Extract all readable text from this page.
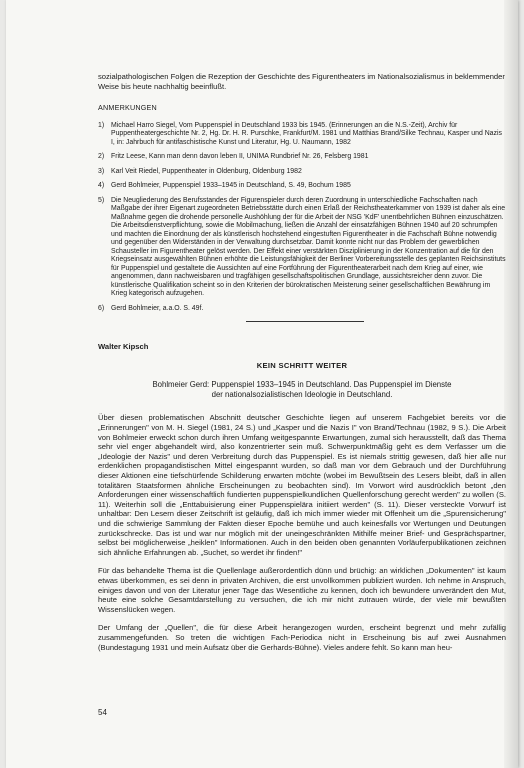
sozialpathologischen Folgen die Rezeption der Geschichte des Figurentheaters im Nationalsozialismus in beklemmender Weise bis heute nachhaltig beeinflußt.

ANMERKUNGEN
1) Michael Harro Siegel, Vom Puppenspiel in Deutschland 1933 bis 1945. (Erinnerungen an die N.S.-Zeit), Archiv für Puppentheatergeschichte Nr. 2, Hg. Dr. H. R. Purschke, Frankfurt/M. 1981 und Matthias Brand/Silke Technau, Kasper und Nazis I, in: Jahrbuch für antifaschistische Kunst und Literatur, Hg. U. Naumann, 1982
2) Fritz Leese, Kann man denn davon leben II, UNIMA Rundbrief Nr. 26, Felsberg 1981
3) Karl Veit Riedel, Puppentheater in Oldenburg, Oldenburg 1982
4) Gerd Bohlmeier, Puppenspiel 1933–1945 in Deutschland, S. 49, Bochum 1985
5) Die Neugliederung des Berufsstandes der Figurenspieler durch deren Zuordnung in unterschiedliche Fachschaften nach Maßgabe der ihrer Eigenart zugeordneten Betriebsstätte durch einen Erlaß der Reichstheaterkammer von 1939 ist daher als eine Maßnahme gegen die drohende personelle Aushöhlung der für die Arbeit der NSG 'KdF' unentbehrlichen Bühnen einzuschätzen. Die Arbeitsdienstverpflichtung, sowie die Mobilmachung, ließen die Anzahl der einsatzfähigen Bühnen 1940 auf 20 schrumpfen und machten die Einordnung der als künstlerisch hochstehend eingestuften Figurentheater in die Fachschaft Bühne notwendig und gegenüber den Widerständen in der Verwaltung durchsetzbar. Damit konnte nicht nur das Problem der gewerblichen Schausteller im Figurentheater gelöst werden. Der Effekt einer verstärkten Disziplinierung in der Konzentration auf die für den Kriegseinsatz ausgewählten Bühnen erhöhte die Leistungsfähigkeit der Berliner Vorbereitungsstelle des geplanten Reichsinstituts für Puppenspiel und gestaltete die Aussichten auf eine Fortführung der Figurentheaterarbeit nach dem Krieg auf einer, wie angenommen, dann nachweisbaren und tragfähigen gesellschaftspolitischen Grundlage, aussichtsreicher denn zuvor. Die künstlerische Qualifikation scheint so in den Kriterien der bürokratischen Meisterung seiner gesellschaftlichen Bewährung im Krieg kategorisch aufzugehen.
6) Gerd Bohlmeier, a.a.O. S. 49f.
Walter Kipsch
KEIN SCHRITT WEITER
Bohlmeier Gerd: Puppenspiel 1933–1945 in Deutschland. Das Puppenspiel im Dienste
der nationalsozialistischen Ideologie in Deutschland.

Über diesen problematischen Abschnitt deutscher Geschichte liegen auf unserem Fachgebiet bereits vor die „Erinnerungen" von M. H. Siegel (1981, 24 S.) und „Kasper und die Nazis I" von Brand/Technau (1982, 9 S.). Die Arbeit von Bohlmeier erweckt schon durch ihren Umfang weitgespannte Erwartungen, zumal sich herausstellt, daß das Thema sehr viel enger abgehandelt wird, also konzentrierter sein muß. Schwerpunktmäßig geht es dem Verfasser um die „Ideologie der Nazis" und deren Verbreitung durch das Puppenspiel. Es ist niemals strittig gewesen, daß hier alle nur erdenklichen propagandistischen Mittel eingespannt wurden, so daß man vor dem Gebrauch und der Durchführung dieser Aktionen eine tiefschürfende Schilderung erwarten möchte (wobei im Bewußtsein des Lesers bleibt, daß in allen totalitären Staatsformen ähnliche Erscheinungen zu beobachten sind). Im Vorwort wird ausdrücklich betont „den Anforderungen einer wissenschaftlich fundierten puppenspielkundlichen Quellenforschung gerecht werden" zu wollen (S. 11). Weiterhin soll die „Enttabuisierung einer Puppenspielära initiiert werden" (S. 11). Dieser versteckte Vorwurf ist unhaltbar: Den Lesern dieser Zeitschrift ist geläufig, daß ich mich immer wieder mit Offenheit um die „Spurensicherung" und die schwierige Sammlung der Fakten dieser Epoche bemühe und auch keinesfalls vor Wertungen und Deutungen zurückschrecke. Das ist und war nur möglich mit der uneingeschränkten Mithilfe meiner Brief- und Gesprächspartner, selbst bei möglicherweise „heiklen" Informationen. Auch in den beiden oben genannten Vorläuferpublikationen zeichnen sich ähnliche Erfahrungen ab. „Suchet, so werdet ihr finden!"

Für das behandelte Thema ist die Quellenlage außerordentlich dünn und brüchig: an wirklichen „Dokumenten" ist kaum etwas überkommen, es sei denn in privaten Archiven, die erst unvollkommen publiziert wurden. Ich nehme in Anspruch, einiges davon und von der Literatur jener Tage das Wesentliche zu kennen, doch ich bewundere unverändert den Mut, heute eine solche Gesamtdarstellung zu versuchen, die ich mir nicht zutrauen würde, der viele mir bewußten Wissenslücken wegen.

Der Umfang der „Quellen", die für diese Arbeit herangezogen wurden, erscheint begrenzt und mehr zufällig zusammengefunden. So treten die wichtigen Fach-Periodica nicht in Erscheinung bis auf zwei Ausnahmen (Bundestagung 1931 und mein Aufsatz über die Gerhards-Bühne). Vieles andere fehlt. So kann man heu-

54
